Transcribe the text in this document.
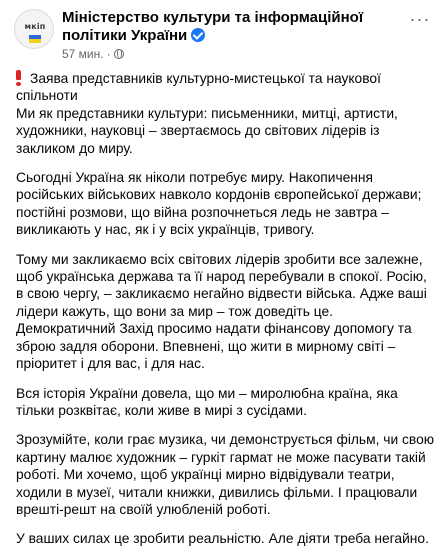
мкіп
Міністерство культури та інформаційної політики України
57 мин. ·
···

Заява представників культурно-мистецької та наукової спільноти
Ми як представники культури: письменники, митці, артисти, художники, науковці – звертаємось до світових лідерів із закликом до миру.

Сьогодні Україна як ніколи потребує миру. Накопичення російських військових навколо кордонів європейської держави; постійні розмови, що війна розпочнеться ледь не завтра – викликають у нас, як і у всіх українців, тривогу.

Тому ми закликаємо всіх світових лідерів зробити все залежне, щоб українська держава та її народ перебували в спокої. Росію, в свою чергу, – закликаємо негайно відвести війська. Адже ваші лідери кажуть, що вони за мир – тож доведіть це. Демократичний Захід просимо надати фінансову допомогу та зброю задля оборони. Впевнені, що жити в мирному світі – пріоритет і для вас, і для нас.

Вся історія України довела, що ми – миролюбна країна, яка тільки розквітає, коли живе в мирі з сусідами.

Зрозумійте, коли грає музика, чи демонструється фільм, чи свою картину малює художник – гуркіт гармат не може пасувати такій роботі. Ми хочемо, щоб українці мирно відвідували театри, ходили в музеї, читали книжки, дивились фільми. І працювали врешті-решт на своїй улюбленій роботі.

У ваших силах це зробити реальністю. Але діяти треба негайно.
